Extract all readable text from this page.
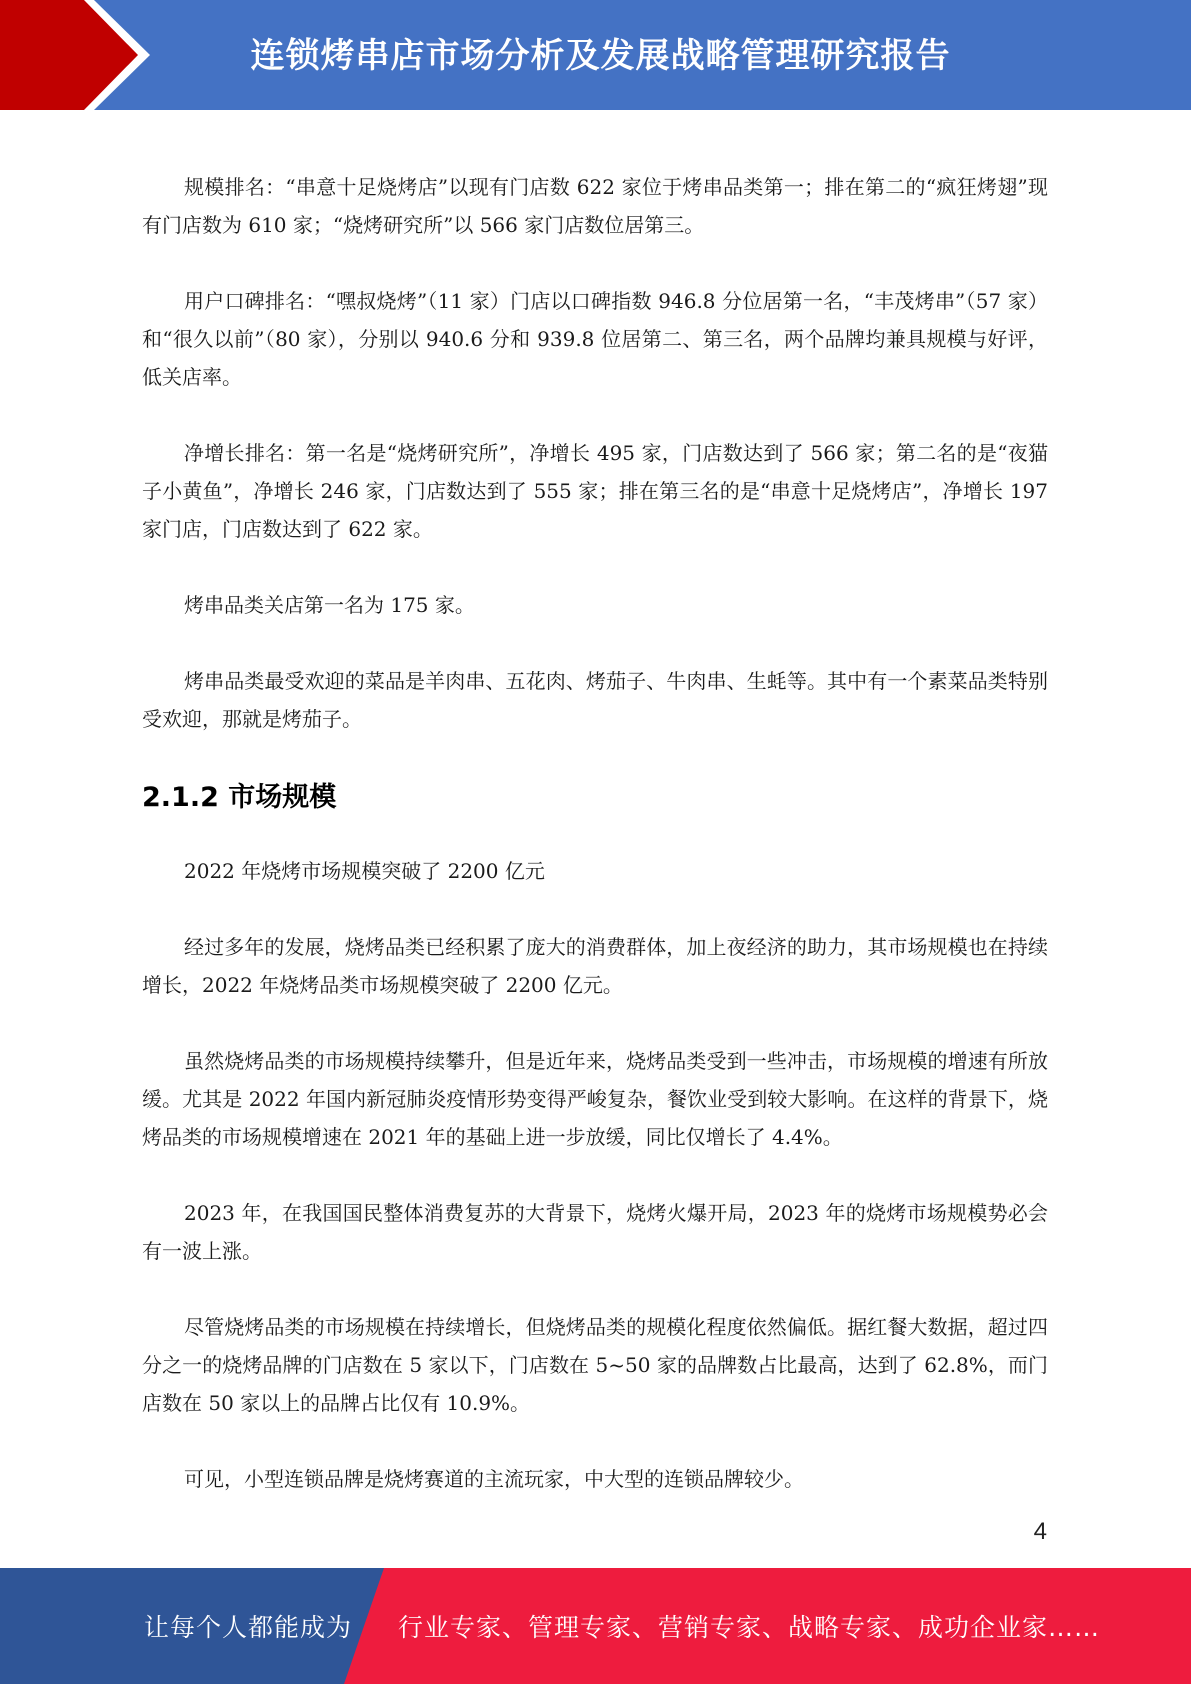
连锁烤串店市场分析及发展战略管理研究报告

规模排名：“串意十足烧烤店”以现有门店数 622 家位于烤串品类第一；排在第二的“疯狂烤翅”现有门店数为 610 家；“烧烤研究所”以 566 家门店数位居第三。

用户口碑排名：“嘿叔烧烤”（11 家）门店以口碑指数 946.8 分位居第一名，“丰茂烤串”（57 家）和“很久以前”（80 家），分别以 940.6 分和 939.8 位居第二、第三名，两个品牌均兼具规模与好评，低关店率。

净增长排名：第一名是“烧烤研究所”，净增长 495 家，门店数达到了 566 家；第二名的是“夜猫子小黄鱼”，净增长 246 家，门店数达到了 555 家；排在第三名的是“串意十足烧烤店”，净增长 197 家门店，门店数达到了 622 家。

烤串品类关店第一名为 175 家。

烤串品类最受欢迎的菜品是羊肉串、五花肉、烤茄子、牛肉串、生蚝等。其中有一个素菜品类特别受欢迎，那就是烤茄子。

2.1.2 市场规模

2022 年烧烤市场规模突破了 2200 亿元

经过多年的发展，烧烤品类已经积累了庞大的消费群体，加上夜经济的助力，其市场规模也在持续增长，2022 年烧烤品类市场规模突破了 2200 亿元。

虽然烧烤品类的市场规模持续攀升，但是近年来，烧烤品类受到一些冲击，市场规模的增速有所放缓。尤其是 2022 年国内新冠肺炎疫情形势变得严峻复杂，餐饮业受到较大影响。在这样的背景下，烧烤品类的市场规模增速在 2021 年的基础上进一步放缓，同比仅增长了 4.4%。

2023 年，在我国国民整体消费复苏的大背景下，烧烤火爆开局，2023 年的烧烤市场规模势必会有一波上涨。

尽管烧烤品类的市场规模在持续增长，但烧烤品类的规模化程度依然偏低。据红餐大数据，超过四分之一的烧烤品牌的门店数在 5 家以下，门店数在 5~50 家的品牌数占比最高，达到了 62.8%，而门店数在 50 家以上的品牌占比仅有 10.9%。

可见，小型连锁品牌是烧烤赛道的主流玩家，中大型的连锁品牌较少。

4
让每个人都能成为 行业专家、管理专家、营销专家、战略专家、成功企业家……
